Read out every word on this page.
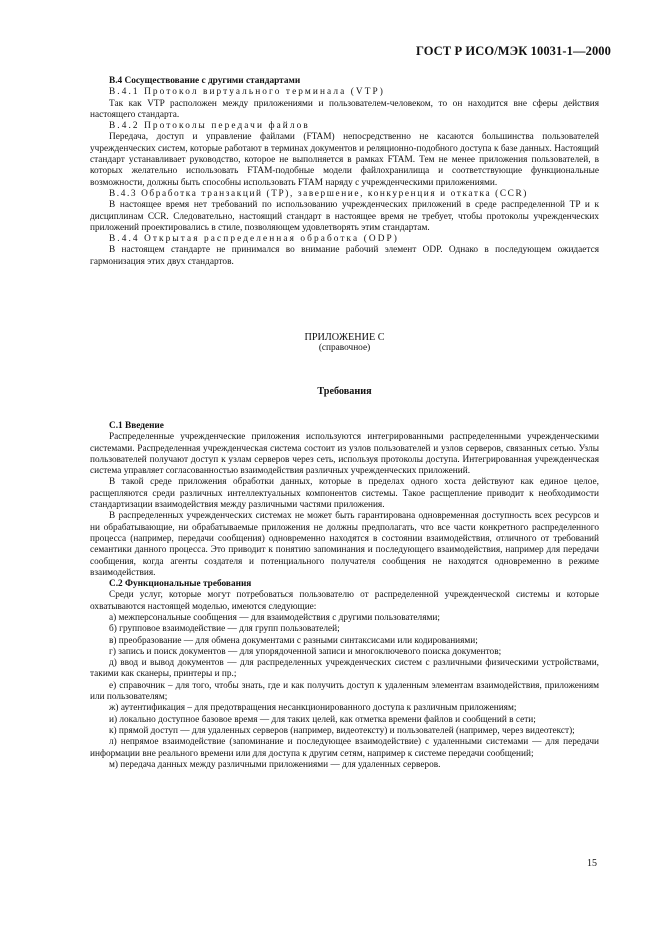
ГОСТ Р ИСО/МЭК 10031-1—2000

B.4 Сосуществование с другими стандартами

B.4.1 Протокол виртуального терминала (VTP)

Так как VTP расположен между приложениями и пользователем-человеком, то он находится вне сферы действия настоящего стандарта.

B.4.2 Протоколы передачи файлов

Передача, доступ и управление файлами (FTAM) непосредственно не касаются большинства пользователей учрежденческих систем, которые работают в терминах документов и реляционно-подобного доступа к базе данных. Настоящий стандарт устанавливает руководство, которое не выполняется в рамках FTAM. Тем не менее приложения пользователей, в которых желательно использовать FTAM-подобные модели файлохранилища и соответствующие функциональные возможности, должны быть способны использовать FTAM наряду с учрежденческими приложениями.

B.4.3 Обработка транзакций (TP), завершение, конкуренция и откатка (CCR)

В настоящее время нет требований по использованию учрежденческих приложений в среде распределенной TP и к дисциплинам CCR. Следовательно, настоящий стандарт в настоящее время не требует, чтобы протоколы учрежденческих приложений проектировались в стиле, позволяющем удовлетворять этим стандартам.

B.4.4 Открытая распределенная обработка (ODP)

В настоящем стандарте не принимался во внимание рабочий элемент ODP. Однако в последующем ожидается гармонизация этих двух стандартов.

ПРИЛОЖЕНИЕ C

(справочное)

Требования

C.1 Введение

Распределенные учрежденческие приложения используются интегрированными распределенными учрежденческими системами. Распределенная учрежденческая система состоит из узлов пользователей и узлов серверов, связанных сетью. Узлы пользователей получают доступ к узлам серверов через сеть, используя протоколы доступа. Интегрированная учрежденческая система управляет согласованностью взаимодействия различных учрежденческих приложений.

В такой среде приложения обработки данных, которые в пределах одного хоста действуют как единое целое, расщепляются среди различных интеллектуальных компонентов системы. Такое расщепление приводит к необходимости стандартизации взаимодействия между различными частями приложения.

В распределенных учрежденческих системах не может быть гарантирована одновременная доступность всех ресурсов и ни обрабатывающие, ни обрабатываемые приложения не должны предполагать, что все части конкретного распределенного процесса (например, передачи сообщения) одновременно находятся в состоянии взаимодействия, отличного от требований семантики данного процесса. Это приводит к понятию запоминания и последующего взаимодействия, например для передачи сообщения, когда агенты создателя и потенциального получателя сообщения не находятся одновременно в режиме взаимодействия.

C.2 Функциональные требования

Среди услуг, которые могут потребоваться пользователю от распределенной учрежденческой системы и которые охватываются настоящей моделью, имеются следующие:

а) межперсональные сообщения — для взаимодействия с другими пользователями;

б) групповое взаимодействие — для групп пользователей;

в) преобразование — для обмена документами с разными синтаксисами или кодированиями;

г) запись и поиск документов — для упорядоченной записи и многоключевого поиска документов;

д) ввод и вывод документов — для распределенных учрежденческих систем с различными физическими устройствами, такими как сканеры, принтеры и пр.;

е) справочник – для того, чтобы знать, где и как получить доступ к удаленным элементам взаимодействия, приложениям или пользователям;

ж) аутентификация – для предотвращения несанкционированного доступа к различным приложениям;

и) локально доступное базовое время — для таких целей, как отметка времени файлов и сообщений в сети;

к) прямой доступ — для удаленных серверов (например, видеотексту) и пользователей (например, через видеотекст);

л) непрямое взаимодействие (запоминание и последующее взаимодействие) с удаленными системами — для передачи информации вне реального времени или для доступа к другим сетям, например к системе передачи сообщений;

м) передача данных между различными приложениями — для удаленных серверов.

15
